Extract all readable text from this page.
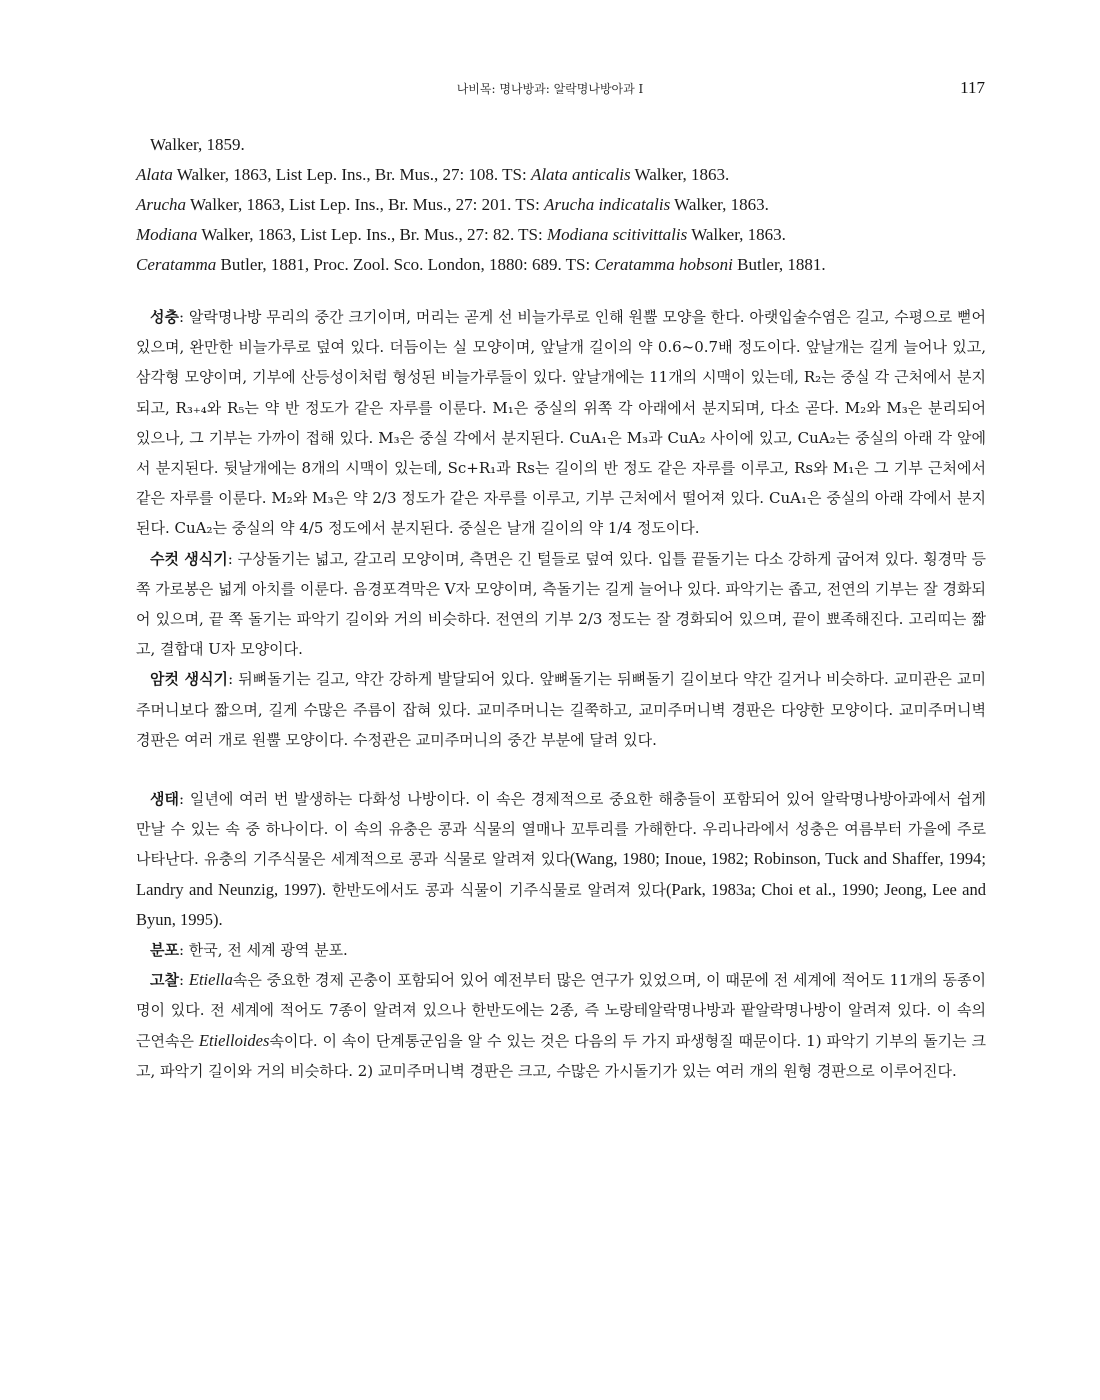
나비목: 명나방과: 알락명나방아과 I	117

Walker, 1859.

Alata Walker, 1863, List Lep. Ins., Br. Mus., 27: 108. TS: Alata anticalis Walker, 1863.

Arucha Walker, 1863, List Lep. Ins., Br. Mus., 27: 201. TS: Arucha indicatalis Walker, 1863.

Modiana Walker, 1863, List Lep. Ins., Br. Mus., 27: 82. TS: Modiana scitivittalis Walker, 1863.

Ceratamma Butler, 1881, Proc. Zool. Sco. London, 1880: 689. TS: Ceratamma hobsoni Butler, 1881.

성충: 알락명나방 무리의 중간 크기이며, 머리는 곧게 선 비늘가루로 인해 원뿔 모양을 한다. 아랫입술수염은 길고, 수평으로 뻗어 있으며, 완만한 비늘가루로 덮여 있다. 더듬이는 실 모양이며, 앞날개 길이의 약 0.6~0.7배 정도이다. 앞날개는 길게 늘어나 있고, 삼각형 모양이며, 기부에 산등성이처럼 형성된 비늘가루들이 있다. 앞날개에는 11개의 시맥이 있는데, R₂는 중실 각 근처에서 분지되고, R₃₊₄와 R₅는 약 반 정도가 같은 자루를 이룬다. M₁은 중실의 위쪽 각 아래에서 분지되며, 다소 곧다. M₂와 M₃은 분리되어 있으나, 그 기부는 가까이 접해 있다. M₃은 중실 각에서 분지된다. CuA₁은 M₃과 CuA₂ 사이에 있고, CuA₂는 중실의 아래 각 앞에서 분지된다. 뒷날개에는 8개의 시맥이 있는데, Sc+R₁과 Rs는 길이의 반 정도 같은 자루를 이루고, Rs와 M₁은 그 기부 근처에서 같은 자루를 이룬다. M₂와 M₃은 약 2/3 정도가 같은 자루를 이루고, 기부 근처에서 떨어져 있다. CuA₁은 중실의 아래 각에서 분지된다. CuA₂는 중실의 약 4/5 정도에서 분지된다. 중실은 날개 길이의 약 1/4 정도이다.

수컷 생식기: 구상돌기는 넓고, 갈고리 모양이며, 측면은 긴 털들로 덮여 있다. 입틀 끝돌기는 다소 강하게 굽어져 있다. 횡경막 등쪽 가로봉은 넓게 아치를 이룬다. 음경포격막은 V자 모양이며, 측돌기는 길게 늘어나 있다. 파악기는 좁고, 전연의 기부는 잘 경화되어 있으며, 끝 쪽 돌기는 파악기 길이와 거의 비슷하다. 전연의 기부 2/3 정도는 잘 경화되어 있으며, 끝이 뾰족해진다. 고리띠는 짧고, 결합대 U자 모양이다.

암컷 생식기: 뒤뼈돌기는 길고, 약간 강하게 발달되어 있다. 앞뼈돌기는 뒤뼈돌기 길이보다 약간 길거나 비슷하다. 교미관은 교미주머니보다 짧으며, 길게 수많은 주름이 잡혀 있다. 교미주머니는 길쭉하고, 교미주머니벽 경판은 다양한 모양이다. 교미주머니벽 경판은 여러 개로 원뿔 모양이다. 수정관은 교미주머니의 중간 부분에 달려 있다.

생태: 일년에 여러 번 발생하는 다화성 나방이다. 이 속은 경제적으로 중요한 해충들이 포함되어 있어 알락명나방아과에서 쉽게 만날 수 있는 속 중 하나이다. 이 속의 유충은 콩과 식물의 열매나 꼬투리를 가해한다. 우리나라에서 성충은 여름부터 가을에 주로 나타난다. 유충의 기주식물은 세계적으로 콩과 식물로 알려져 있다(Wang, 1980; Inoue, 1982; Robinson, Tuck and Shaffer, 1994; Landry and Neunzig, 1997). 한반도에서도 콩과 식물이 기주식물로 알려져 있다(Park, 1983a; Choi et al., 1990; Jeong, Lee and Byun, 1995).

분포: 한국, 전 세계 광역 분포.

고찰: Etiella속은 중요한 경제 곤충이 포함되어 있어 예전부터 많은 연구가 있었으며, 이 때문에 전 세계에 적어도 11개의 동종이명이 있다. 전 세계에 적어도 7종이 알려져 있으나 한반도에는 2종, 즉 노랑테알락명나방과 팥알락명나방이 알려져 있다. 이 속의 근연속은 Etielloides속이다. 이 속이 단계통군임을 알 수 있는 것은 다음의 두 가지 파생형질 때문이다. 1) 파악기 기부의 돌기는 크고, 파악기 길이와 거의 비슷하다. 2) 교미주머니벽 경판은 크고, 수많은 가시돌기가 있는 여러 개의 원형 경판으로 이루어진다.
